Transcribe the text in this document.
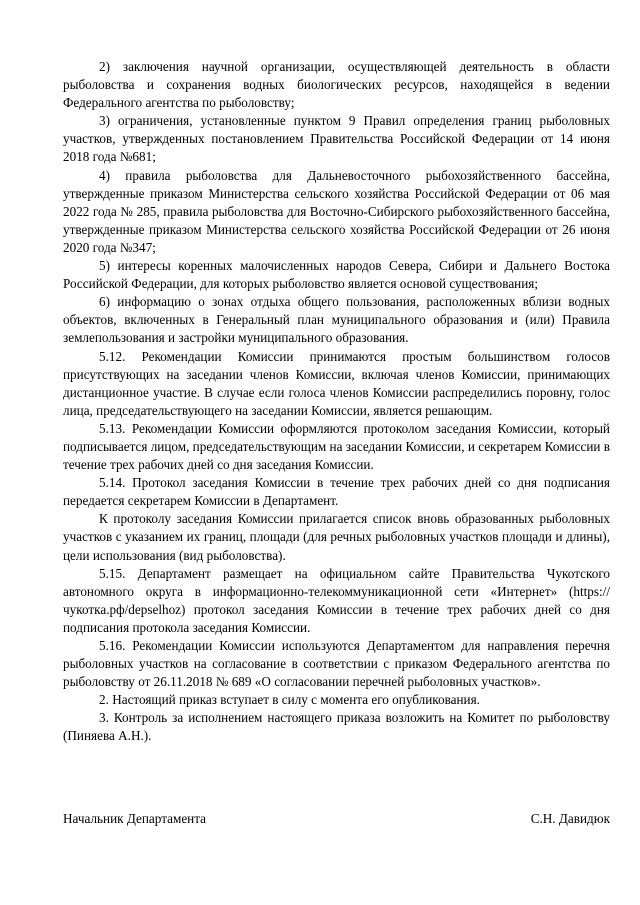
2) заключения научной организации, осуществляющей деятельность в области рыболовства и сохранения водных биологических ресурсов, находящейся в ведении Федерального агентства по рыболовству;

3) ограничения, установленные пунктом 9 Правил определения границ рыболовных участков, утвержденных постановлением Правительства Российской Федерации от 14 июня 2018 года №681;

4) правила рыболовства для Дальневосточного рыбохозяйственного бассейна, утвержденные приказом Министерства сельского хозяйства Российской Федерации от 06 мая 2022 года № 285, правила рыболовства для Восточно-Сибирского рыбохозяйственного бассейна, утвержденные приказом Министерства сельского хозяйства Российской Федерации от 26 июня 2020 года №347;

5) интересы коренных малочисленных народов Севера, Сибири и Дальнего Востока Российской Федерации, для которых рыболовство является основой существования;

6) информацию о зонах отдыха общего пользования, расположенных вблизи водных объектов, включенных в Генеральный план муниципального образования и (или) Правила землепользования и застройки муниципального образования.

5.12. Рекомендации Комиссии принимаются простым большинством голосов присутствующих на заседании членов Комиссии, включая членов Комиссии, принимающих дистанционное участие. В случае если голоса членов Комиссии распределились поровну, голос лица, председательствующего на заседании Комиссии, является решающим.

5.13. Рекомендации Комиссии оформляются протоколом заседания Комиссии, который подписывается лицом, председательствующим на заседании Комиссии, и секретарем Комиссии в течение трех рабочих дней со дня заседания Комиссии.

5.14. Протокол заседания Комиссии в течение трех рабочих дней со дня подписания передается секретарем Комиссии в Департамент.

К протоколу заседания Комиссии прилагается список вновь образованных рыболовных участков с указанием их границ, площади (для речных рыболовных участков площади и длины), цели использования (вид рыболовства).

5.15. Департамент размещает на официальном сайте Правительства Чукотского автономного округа в информационно-телекоммуникационной сети «Интернет» (https:// чукотка.рф/depselhoz) протокол заседания Комиссии в течение трех рабочих дней со дня подписания протокола заседания Комиссии.

5.16. Рекомендации Комиссии используются Департаментом для направления перечня рыболовных участков на согласование в соответствии с приказом Федерального агентства по рыболовству от 26.11.2018 № 689 «О согласовании перечней рыболовных участков».

2. Настоящий приказ вступает в силу с момента его опубликования.

3. Контроль за исполнением настоящего приказа возложить на Комитет по рыболовству (Пиняева А.Н.).

Начальник Департамента	С.Н. Давидюк
